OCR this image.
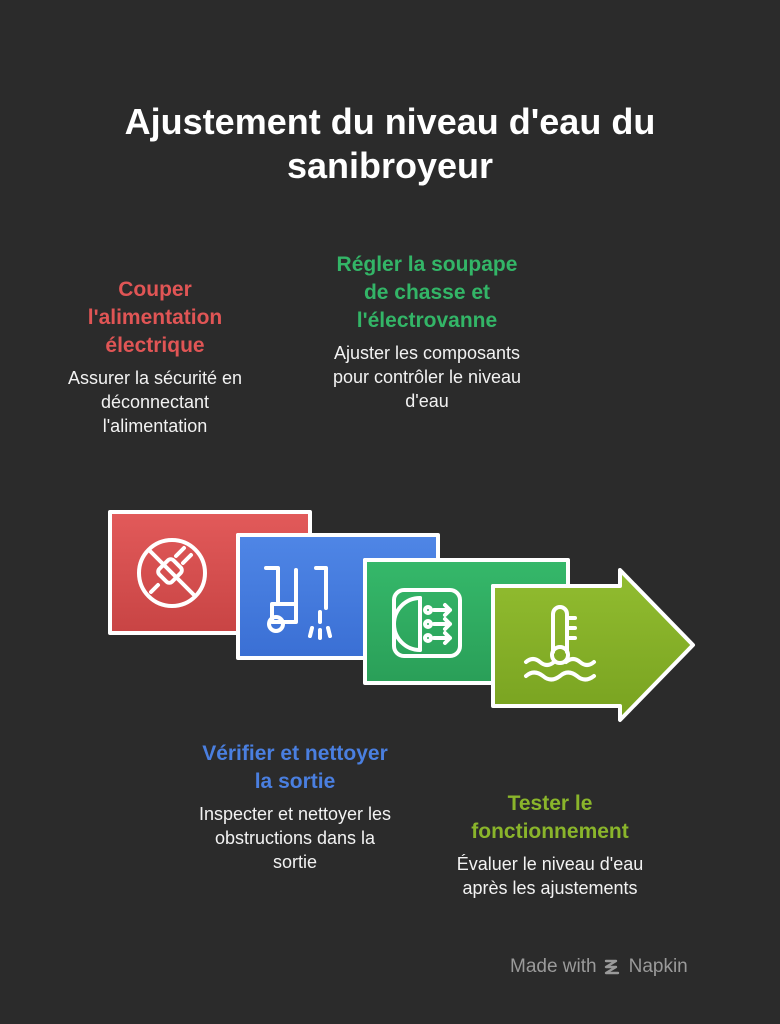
Ajustement du niveau d'eau du sanibroyeur
Couper l'alimentation électrique
Assurer la sécurité en déconnectant l'alimentation
Régler la soupape de chasse et l'électrovanne
Ajuster les composants pour contrôler le niveau d'eau
Vérifier et nettoyer la sortie
Inspecter et nettoyer les obstructions dans la sortie
Tester le fonctionnement
Évaluer le niveau d'eau après les ajustements
Made with Napkin
